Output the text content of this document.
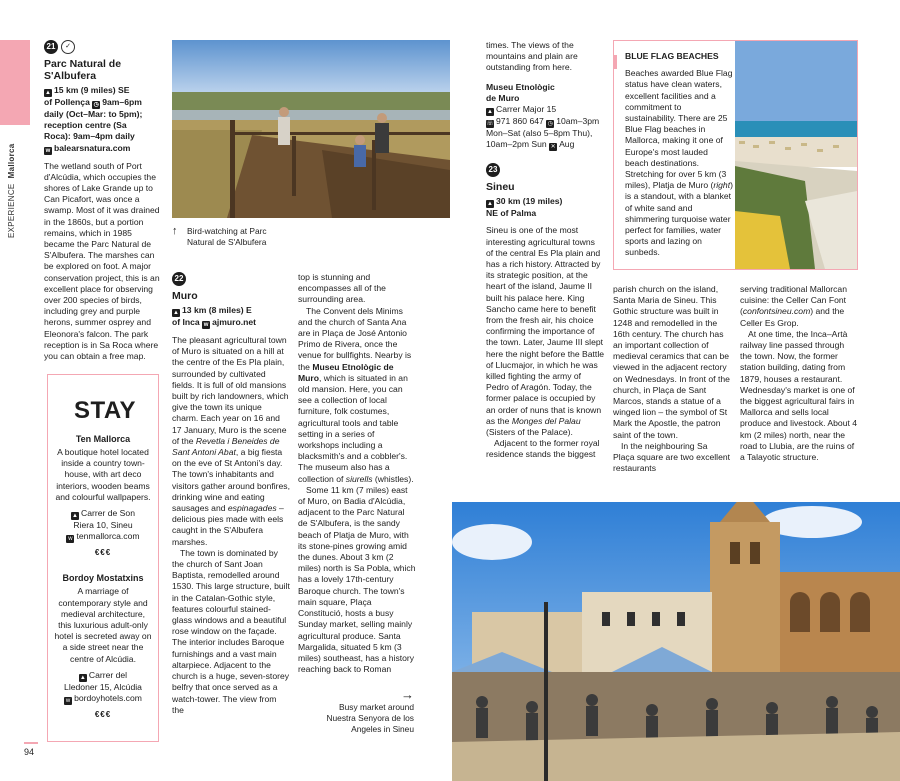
EXPERIENCE  Mallorca
94
21 ✓
Parc Natural de
S'Albufera
▲ 15 km (9 miles) SE
of Pollença ◷ 9am–6pm
daily (Oct–Mar: to 5pm);
reception centre (Sa
Roca): 9am–4pm daily
w balearsnatura.com

The wetland south of Port d'Alcúdia, which occupies the shores of Lake Grande up to Can Picafort, was once a swamp. Most of it was drained in the 1860s, but a portion remains, which in 1985 became the Parc Natural de S'Albufera. The marshes can be explored on foot. A major conservation project, this is an excellent place for observing over 200 species of birds, including grey and purple herons, summer osprey and Eleonora's falcon. The park reception is in Sa Roca where you can obtain a free map.

STAY
Ten Mallorca

A boutique hotel located inside a country town-house, with art deco interiors, wooden beams and colourful wallpapers.

▲ Carrer de Son
Riera 10, Sineu
w tenmallorca.com
€€€
Bordoy Mostatxins

A marriage of contemporary style and medieval architecture, this luxurious adult-only hotel is secreted away on a side street near the centre of Alcúdia.

▲ Carrer del
Lledoner 15, Alcúdia
w bordoyhotels.com
€€€
↑ Bird-watching at Parc
Natural de S'Albufera
22
Muro
▲ 13 km (8 miles) E
of Inca w ajmuro.net

The pleasant agricultural town of Muro is situated on a hill at the centre of the Es Pla plain, surrounded by cultivated fields. It is full of old mansions built by rich landowners, which give the town its unique charm. Each year on 16 and 17 January, Muro is the scene of the Revetla i Beneides de Sant Antoni Abat, a big fiesta on the eve of St Antoni's day. The town's inhabitants and visitors gather around bonfires, drinking wine and eating sausages and espinagades – delicious pies made with eels caught in the S'Albufera marshes.

The town is dominated by the church of Sant Joan Baptista, remodelled around 1530. This large structure, built in the Catalan-Gothic style, features colourful stained-glass windows and a beautiful rose window on the façade. The interior includes Baroque furnishings and a vast main altarpiece. Adjacent to the church is a huge, seven-storey belfry that once served as a watch-tower. The view from the

top is stunning and encompasses all of the surrounding area.

The Convent dels Minims and the church of Santa Ana are in Plaça de José Antonio Primo de Rivera, once the venue for bullfights. Nearby is the Museu Etnològic de Muro, which is situated in an old mansion. Here, you can see a collection of local furniture, folk costumes, agricultural tools and table setting in a series of workshops including a blacksmith's and a cobbler's. The museum also has a collection of siurells (whistles).

Some 11 km (7 miles) east of Muro, on Badia d'Alcúdia, adjacent to the Parc Natural de S'Albufera, is the sandy beach of Platja de Muro, with its stone-pines growing amid the dunes. About 3 km (2 miles) north is Sa Pobla, which has a lovely 17th-century Baroque church. The town's main square, Plaça Constitució, hosts a busy Sunday market, selling mainly agricultural produce. Santa Margalida, situated 5 km (3 miles) southeast, has a history reaching back to Roman

→
Busy market around
Nuestra Senyora de los
Angeles in Sineu

times. The views of the mountains and plain are outstanding from here.

Museu Etnològic
de Muro
▲ Carrer Major 15
☏ 971 860 647 ◷ 10am–3pm
Mon–Sat (also 5–8pm Thu),
10am–2pm Sun ✕ Aug
23
Sineu
▲ 30 km (19 miles)
NE of Palma

Sineu is one of the most interesting agricultural towns of the central Es Pla plain and has a rich history. Attracted by its strategic position, at the heart of the island, Jaume II built his palace here. King Sancho came here to benefit from the fresh air, his choice confirming the importance of the town. Later, Jaume III slept here the night before the Battle of Llucmajor, in which he was killed fighting the army of Pedro of Aragón. Today, the former palace is occupied by an order of nuns that is known as the Monges del Palau (Sisters of the Palace).

Adjacent to the former royal residence stands the biggest

BLUE FLAG BEACHES

Beaches awarded Blue Flag status have clean waters, excellent facilities and a commitment to sustainability. There are 25 Blue Flag beaches in Mallorca, making it one of Europe's most lauded beach destinations. Stretching for over 5 km (3 miles), Platja de Muro (right) is a standout, with a blanket of white sand and shimmering turquoise water perfect for families, water sports and lazing on sunbeds.

parish church on the island, Santa Maria de Sineu. This Gothic structure was built in 1248 and remodelled in the 16th century. The church has an important collection of medieval ceramics that can be viewed in the adjacent rectory on Wednesdays. In front of the church, in Plaça de Sant Marcos, stands a statue of a winged lion – the symbol of St Mark the Apostle, the patron saint of the town.

In the neighbouring Sa Plaça square are two excellent restaurants

serving traditional Mallorcan cuisine: the Celler Can Font (confontsineu.com) and the Celler Es Grop.

At one time, the Inca–Artà railway line passed through the town. Now, the former station building, dating from 1879, houses a restaurant. Wednesday's market is one of the biggest agricultural fairs in Mallorca and sells local produce and livestock. About 4 km (2 miles) north, near the road to Llubia, are the ruins of a Talayotic structure.
